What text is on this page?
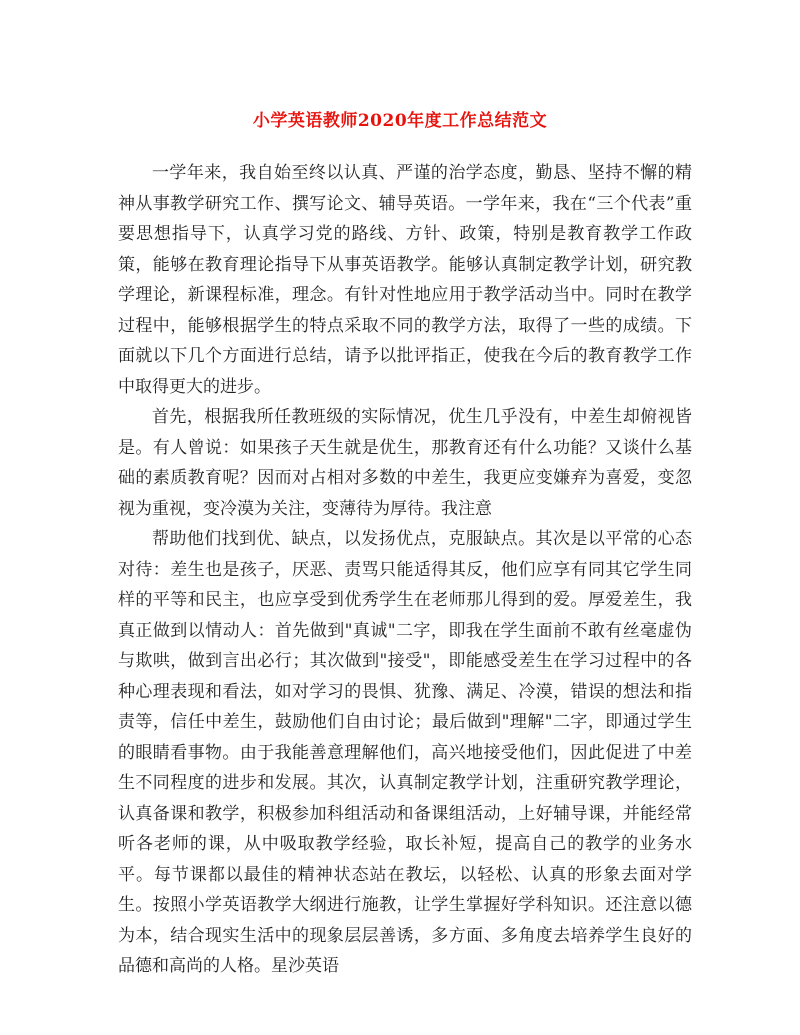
小学英语教师2020年度工作总结范文

一学年来，我自始至终以认真、严谨的治学态度，勤恳、坚持不懈的精神从事教学研究工作、撰写论文、辅导英语。一学年来，我在“三个代表”重要思想指导下，认真学习党的路线、方针、政策，特别是教育教学工作政策，能够在教育理论指导下从事英语教学。能够认真制定教学计划，研究教学理论，新课程标准，理念。有针对性地应用于教学活动当中。同时在教学过程中，能够根据学生的特点采取不同的教学方法，取得了一些的成绩。下面就以下几个方面进行总结，请予以批评指正，使我在今后的教育教学工作中取得更大的进步。

首先，根据我所任教班级的实际情况，优生几乎没有，中差生却俯视皆是。有人曾说：如果孩子天生就是优生，那教育还有什么功能？又谈什么基础的素质教育呢？因而对占相对多数的中差生，我更应变嫌弃为喜爱，变忽视为重视，变冷漠为关注，变薄待为厚待。我注意

帮助他们找到优、缺点，以发扬优点，克服缺点。其次是以平常的心态对待：差生也是孩子，厌恶、责骂只能适得其反，他们应享有同其它学生同样的平等和民主，也应享受到优秀学生在老师那儿得到的爱。厚爱差生，我真正做到以情动人：首先做到"真诚"二字，即我在学生面前不敢有丝毫虚伪与欺哄，做到言出必行；其次做到"接受"，即能感受差生在学习过程中的各种心理表现和看法，如对学习的畏惧、犹豫、满足、冷漠，错误的想法和指责等，信任中差生，鼓励他们自由讨论；最后做到"理解"二字，即通过学生的眼睛看事物。由于我能善意理解他们，高兴地接受他们，因此促进了中差生不同程度的进步和发展。其次，认真制定教学计划，注重研究教学理论，认真备课和教学，积极参加科组活动和备课组活动，上好辅导课，并能经常听各老师的课，从中吸取教学经验，取长补短，提高自己的教学的业务水平。每节课都以最佳的精神状态站在教坛，以轻松、认真的形象去面对学生。按照小学英语教学大纲进行施教，让学生掌握好学科知识。还注意以德为本，结合现实生活中的现象层层善诱，多方面、多角度去培养学生良好的品德和高尚的人格。星沙英语
